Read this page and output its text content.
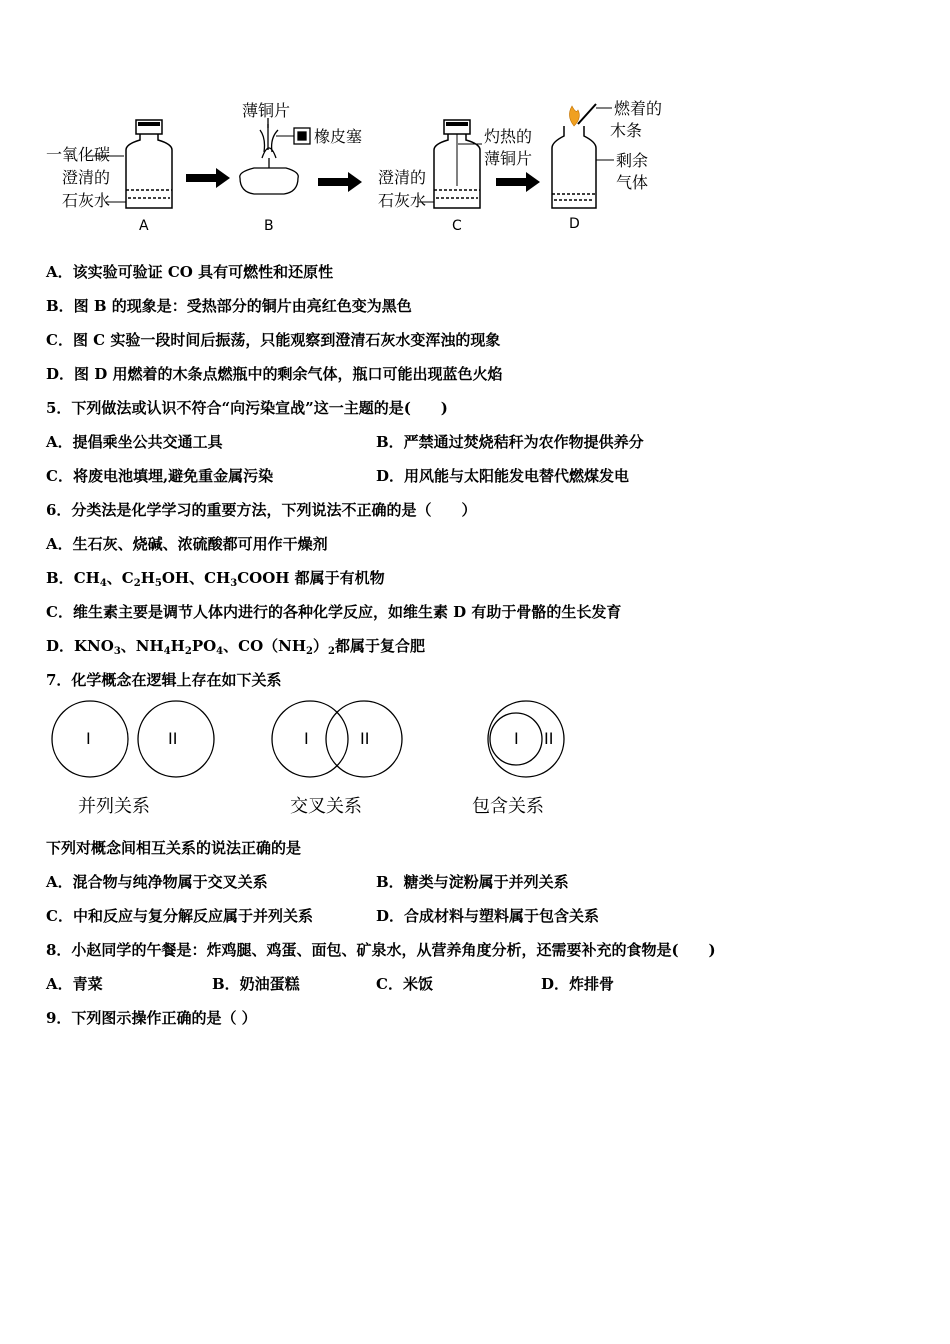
一氧化碳
澄清的
石灰水
A
薄铜片
橡皮塞
B
灼热的
薄铜片
澄清的
石灰水
C
燃着的
木条
剩余
气体
D
A．该实验可验证 CO 具有可燃性和还原性
B．图 B 的现象是：受热部分的铜片由亮红色变为黑色
C．图 C 实验一段时间后振荡，只能观察到澄清石灰水变浑浊的现象
D．图 D 用燃着的木条点燃瓶中的剩余气体，瓶口可能出现蓝色火焰
5．下列做法或认识不符合“向污染宣战”这一主题的是(　　)
A．提倡乘坐公共交通工具	B．严禁通过焚烧秸秆为农作物提供养分
C．将废电池填埋,避免重金属污染	D．用风能与太阳能发电替代燃煤发电
6．分类法是化学学习的重要方法，下列说法不正确的是（　　）
A．生石灰、烧碱、浓硫酸都可用作干燥剂
B．$CH_4$、$C_2H_5OH$、$CH_3COOH$ 都属于有机物
C．维生素主要是调节人体内进行的各种化学反应，如维生素 D 有助于骨骼的生长发育
D．$KNO_3$、$NH_4H_2PO_4$、$CO(NH_2)_2$都属于复合肥
7．化学概念在逻辑上存在如下关系
I	II	I	II	I II
并列关系	交叉关系	包含关系
下列对概念间相互关系的说法正确的是
A．混合物与纯净物属于交叉关系	B．糖类与淀粉属于并列关系
C．中和反应与复分解反应属于并列关系	D．合成材料与塑料属于包含关系
8．小赵同学的午餐是：炸鸡腿、鸡蛋、面包、矿泉水，从营养角度分析，还需要补充的食物是(　　)
A．青菜	B．奶油蛋糕	C．米饭	D．炸排骨
9．下列图示操作正确的是（ ）
